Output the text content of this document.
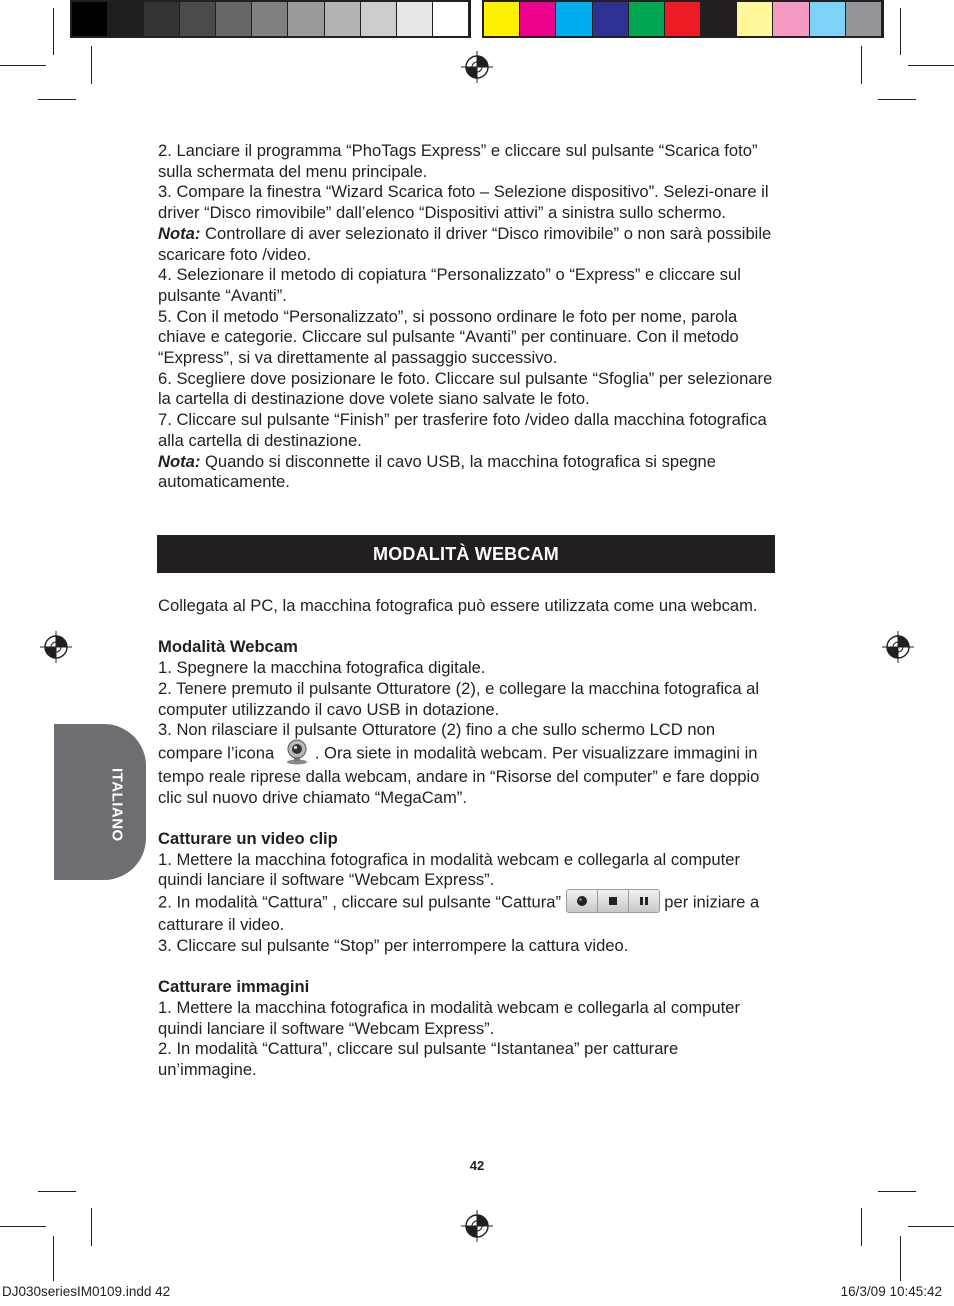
2. Lanciare il programma “PhoTags Express” e cliccare sul pulsante “Scarica foto” sulla schermata del menu principale.

3. Compare la finestra “Wizard Scarica foto – Selezione dispositivo”. Selezi-onare il driver “Disco rimovibile” dall’elenco “Dispositivi attivi” a sinistra sullo schermo.

Nota: Controllare di aver selezionato il driver “Disco rimovibile” o non sarà possibile scaricare foto /video.

4. Selezionare il metodo di copiatura “Personalizzato” o “Express” e cliccare sul pulsante “Avanti”.

5. Con il metodo “Personalizzato”, si possono ordinare le foto per nome, parola chiave e categorie. Cliccare sul pulsante “Avanti” per continuare. Con il metodo “Express”, si va direttamente al passaggio successivo.

6. Scegliere dove posizionare le foto. Cliccare sul pulsante “Sfoglia” per selezionare la cartella di destinazione dove volete siano salvate le foto.

7. Cliccare sul pulsante “Finish” per trasferire foto /video dalla macchina fotografica alla cartella di destinazione.

Nota: Quando si disconnette il cavo USB, la macchina fotografica si spegne automaticamente.

MODALITÀ WEBCAM

Collegata al PC, la macchina fotografica può essere utilizzata come una webcam.

Modalità Webcam

1. Spegnere la macchina fotografica digitale.

2. Tenere premuto il pulsante Otturatore (2), e collegare la macchina fotografica al computer utilizzando il cavo USB in dotazione.

3. Non rilasciare il pulsante Otturatore (2) fino a che sullo schermo LCD non compare l’icona . Ora siete in modalità webcam. Per visualizzare immagini in tempo reale riprese dalla webcam, andare in “Risorse del computer” e fare doppio clic sul nuovo drive chiamato “MegaCam”.

Catturare un video clip

1. Mettere la macchina fotografica in modalità webcam e collegarla al computer quindi lanciare il software “Webcam Express”.

2. In modalità “Cattura” , cliccare sul pulsante “Cattura”	per iniziare a catturare il video.

3. Cliccare sul pulsante “Stop” per interrompere la cattura video.

Catturare immagini

1. Mettere la macchina fotografica in modalità webcam e collegarla al computer quindi lanciare il software “Webcam Express”.

2. In modalità “Cattura”, cliccare sul pulsante “Istantanea” per catturare un’immagine.

ITALIANO
42
DJ030seriesIM0109.indd 42	16/3/09 10:45:42
